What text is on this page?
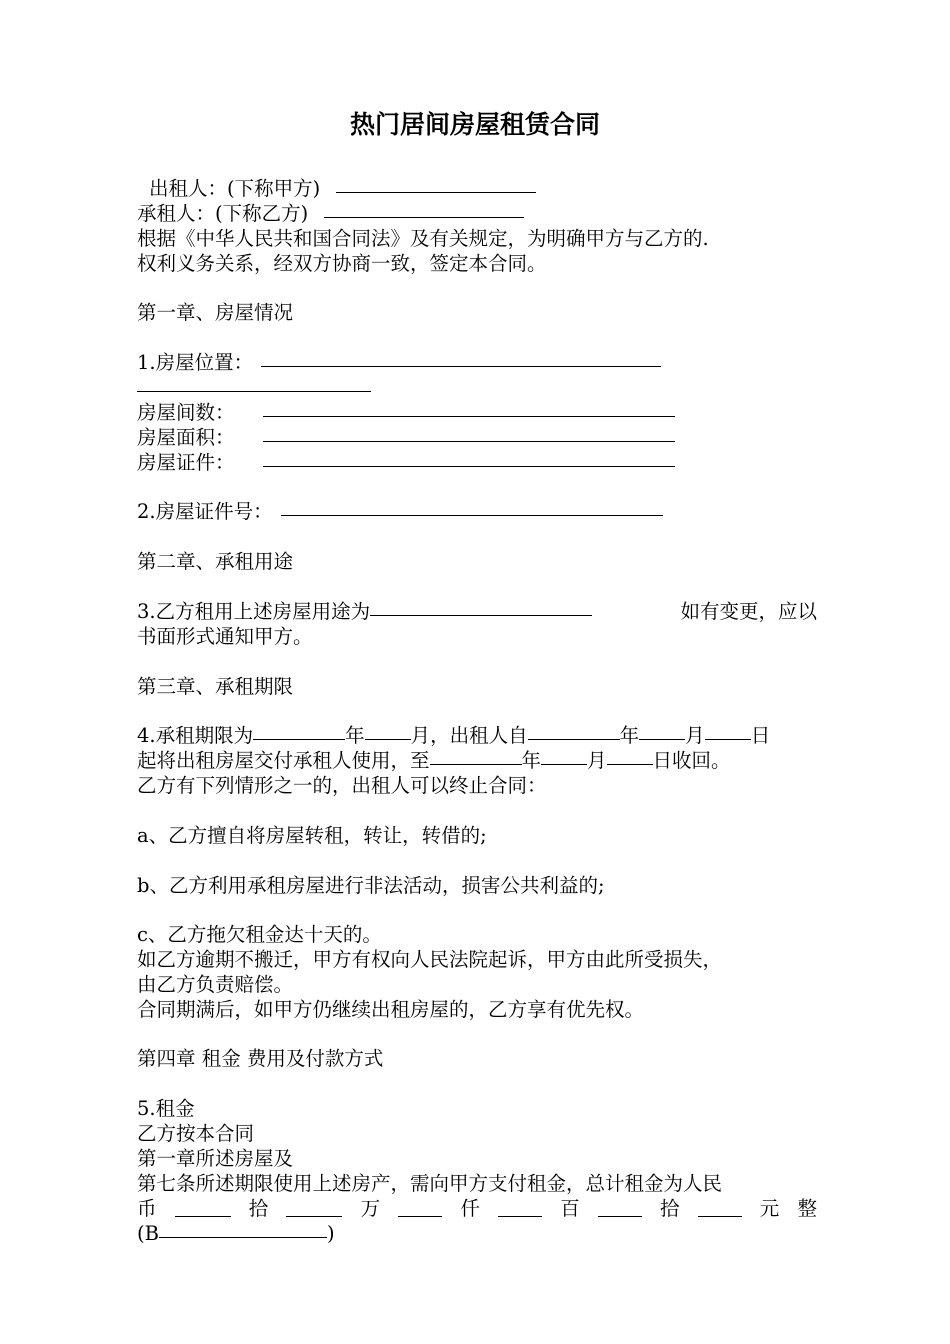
热门居间房屋租赁合同
出租人：(下称甲方)
承租人：(下称乙方)
根据《中华人民共和国合同法》及有关规定，为明确甲方与乙方的.
权利义务关系，经双方协商一致，签定本合同。
第一章、房屋情况
1.房屋位置：
房屋间数：
房屋面积：
房屋证件：
2.房屋证件号：
第二章、承租用途
3.乙方租用上述房屋用途为	如有变更，应以
书面形式通知甲方。
第三章、承租期限
4.承租期限为	年 月，出租人自	年 月 日
起将出租房屋交付承租人使用，至	年 月 日收回。
乙方有下列情形之一的，出租人可以终止合同：
a、乙方擅自将房屋转租，转让，转借的;
b、乙方利用承租房屋进行非法活动，损害公共利益的;
c、乙方拖欠租金达十天的。
如乙方逾期不搬迁，甲方有权向人民法院起诉，甲方由此所受损失，
由乙方负责赔偿。
合同期满后，如甲方仍继续出租房屋的，乙方享有优先权。
第四章 租金 费用及付款方式
5.租金
乙方按本合同
第一章所述房屋及
第七条所述期限使用上述房产，需向甲方支付租金，总计租金为人民
币	拾	万	仟	百	拾	元 整
(B	)
